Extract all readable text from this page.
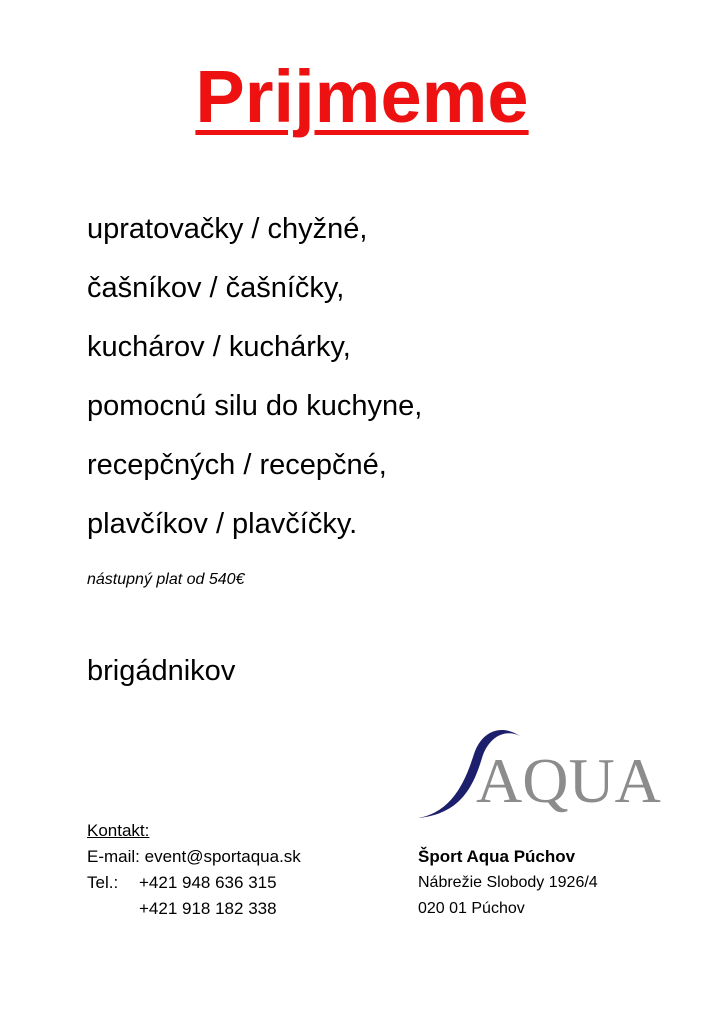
Prijmeme
upratovačky / chyžné,
čašníkov / čašníčky,
kuchárov / kuchárky,
pomocnú silu do kuchyne,
recepčných / recepčné,
plavčíkov / plavčíčky.
nástupný plat od 540€
brigádnikov
AQUA
Kontakt:
E-mail: event@sportaqua.sk
Tel.:	+421 948 636 315
+421 918 182 338
Šport Aqua Púchov
Nábrežie Slobody 1926/4
020 01 Púchov
